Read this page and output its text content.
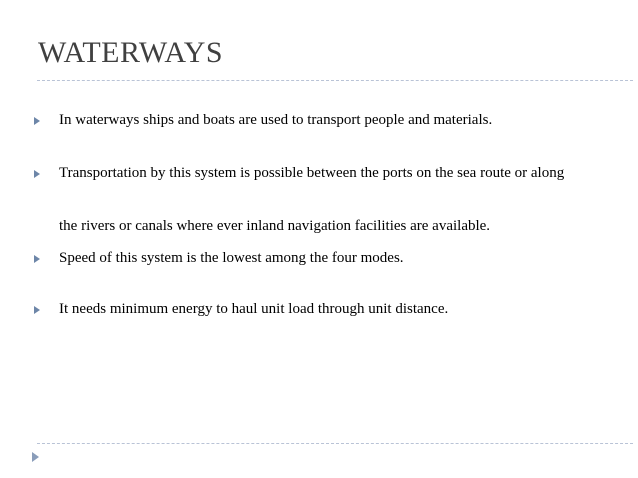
WATERWAYS
In waterways ships and boats are used to transport people and materials.
Transportation by this system is possible between the ports on the sea route or along
the rivers or canals where ever inland navigation facilities are available.
Speed of this system is the lowest among the four modes.
It needs minimum energy to haul unit load through unit distance.
